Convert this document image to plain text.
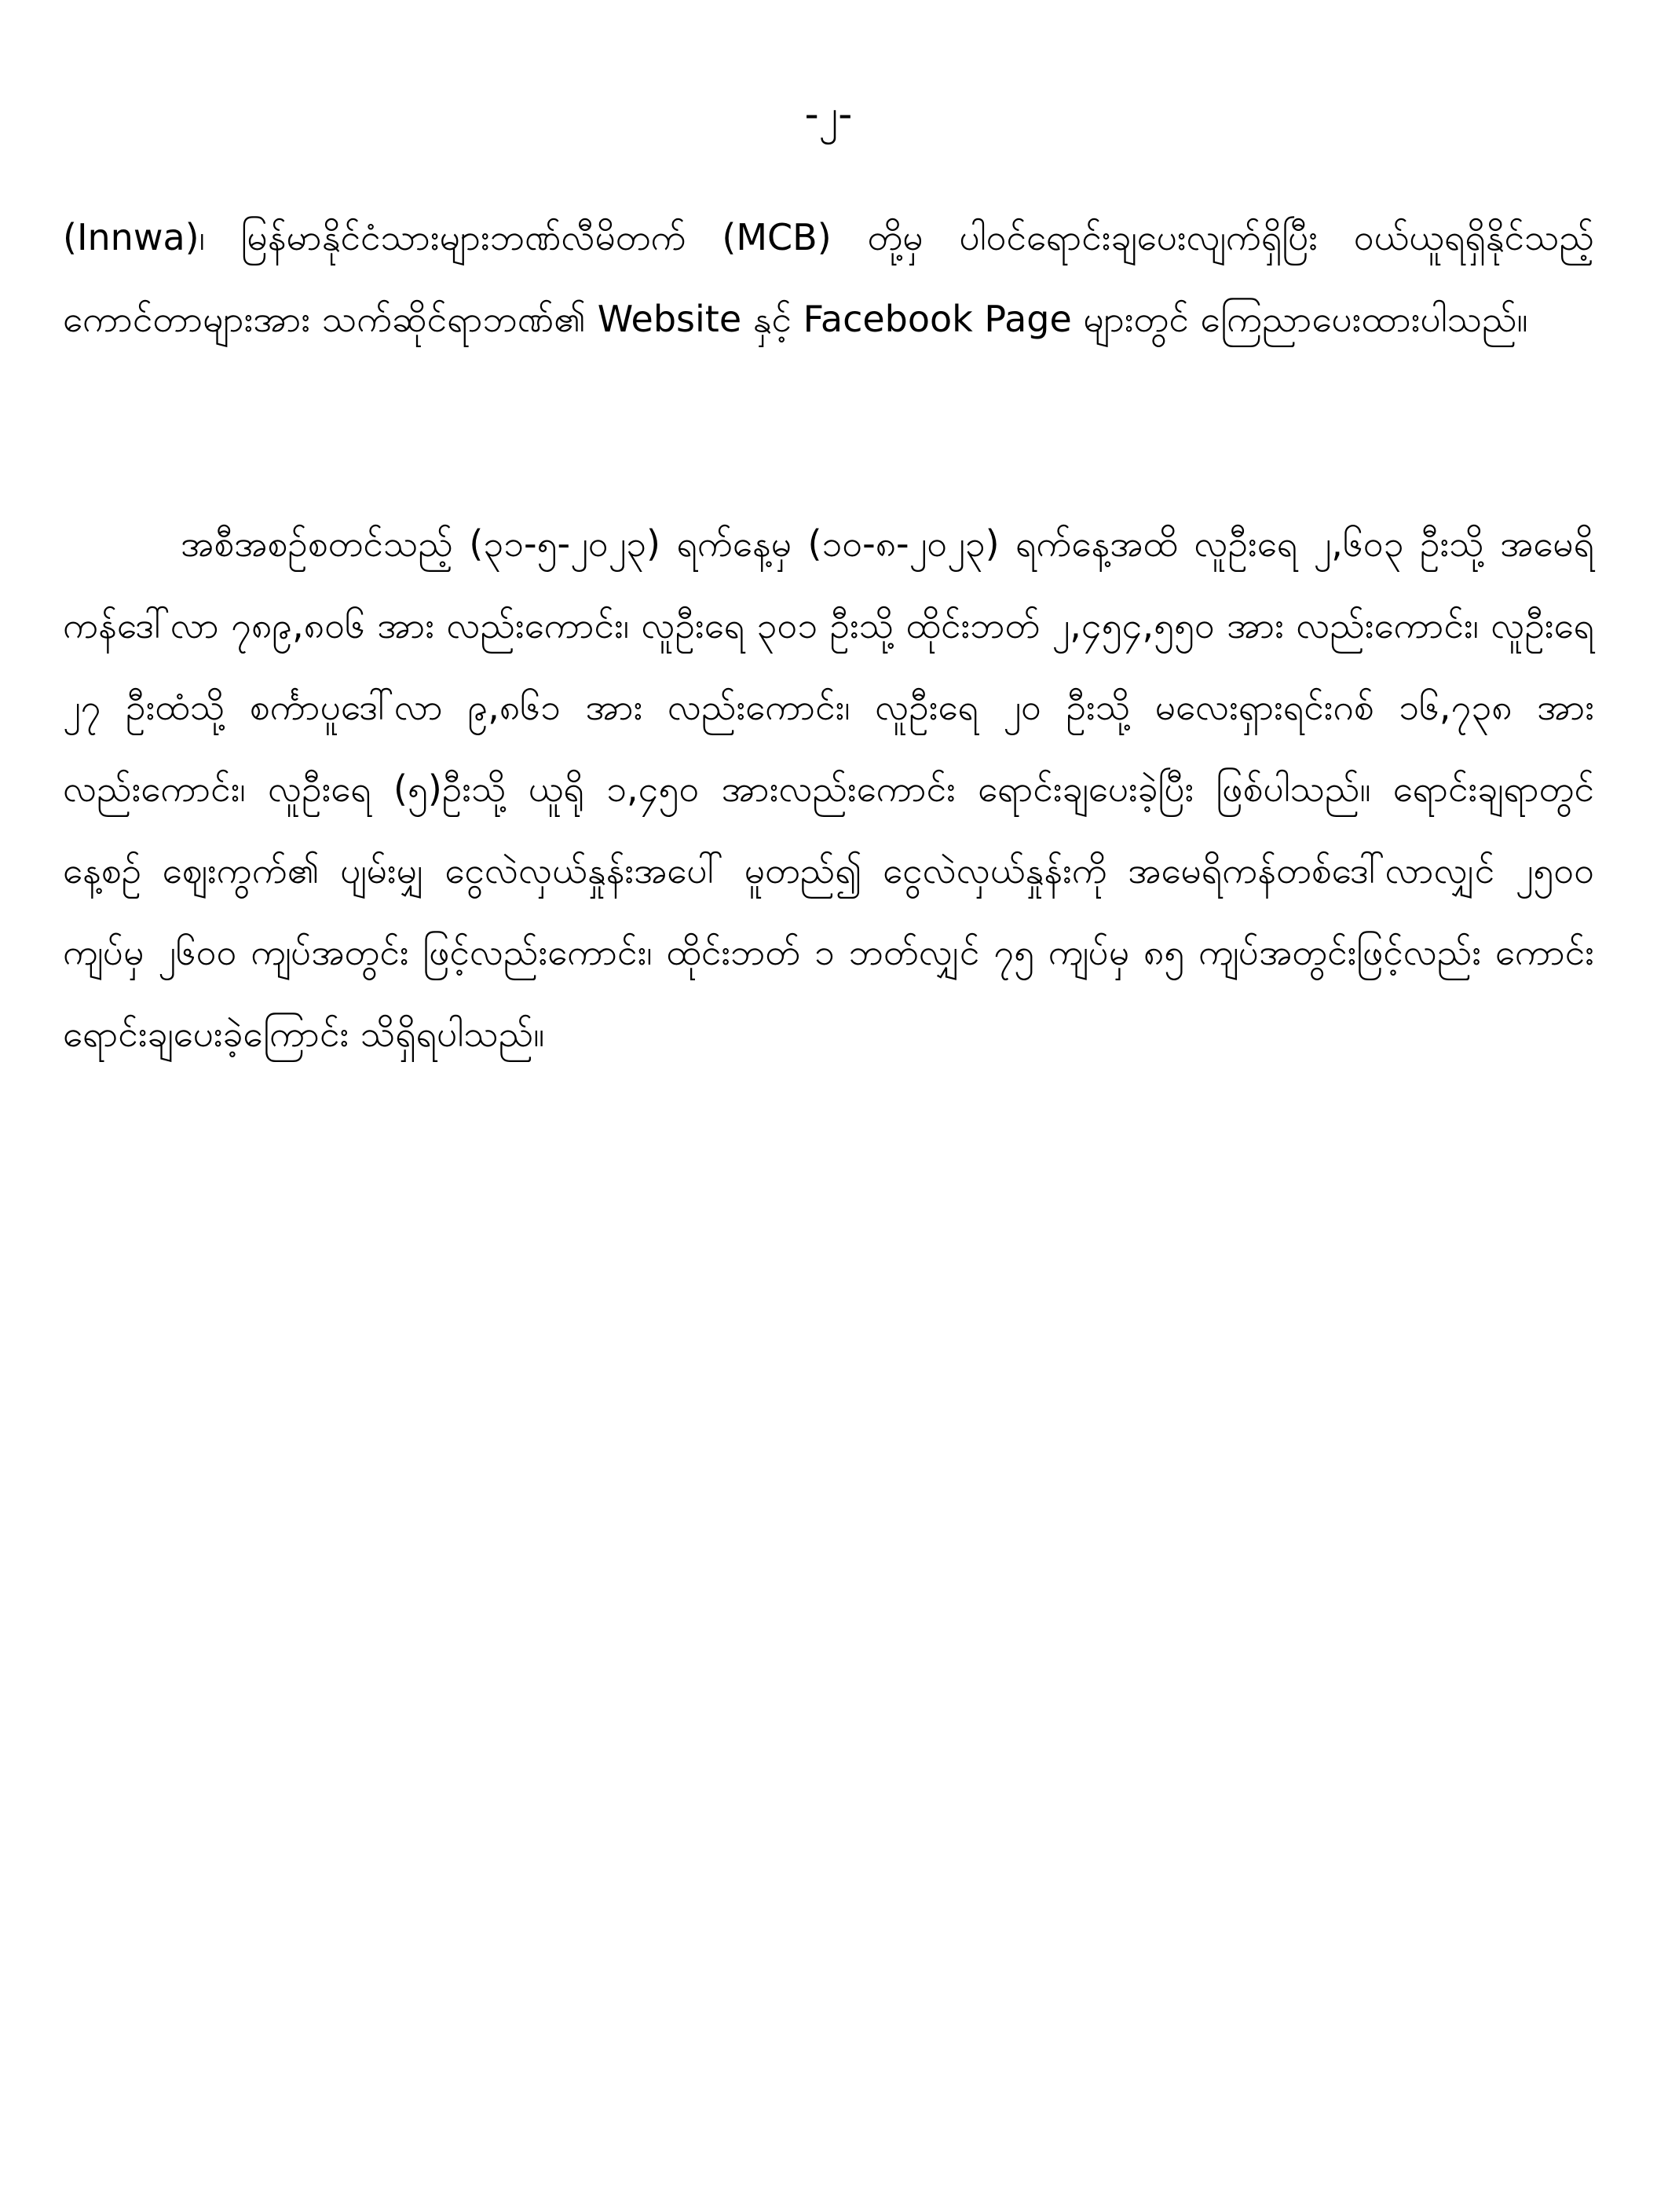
-၂-

(Innwa)၊ မြန်မာနိုင်ငံသားများဘဏ်လီမိတက် (MCB) တို့မှ ပါဝင်ရောင်းချပေးလျက်ရှိပြီး ဝယ်ယူရရှိနိုင်သည့် ကောင်တာများအား သက်ဆိုင်ရာဘဏ်၏ Website နှင့် Facebook Page များတွင် ကြေညာပေးထားပါသည်။

အစီအစဉ်စတင်သည့် (၃၁-၅-၂၀၂၃) ရက်နေ့မှ (၁၀-၈-၂၀၂၃) ရက်နေ့အထိ လူဦးရေ ၂,၆၀၃ ဦးသို့ အမေရိကန်ဒေါ်လာ ၇၈၉,၈၀၆ အား လည်းကောင်း၊ လူဦးရေ ၃၀၁ ဦးသို့ ထိုင်းဘတ် ၂,၄၅၄,၅၅၀ အား လည်းကောင်း၊ လူဦးရေ ၂၇ ဦးထံသို့ စင်္ကာပူဒေါ်လာ ၉,၈၆၁ အား လည်းကောင်း၊ လူဦးရေ ၂၀ ဦးသို့ မလေးရှားရင်းဂစ် ၁၆,၇၃၈ အား လည်းကောင်း၊ လူဦးရေ (၅)ဦးသို့ ယူရို ၁,၄၅၀ အားလည်းကောင်း ရောင်းချပေးခဲ့ပြီး ဖြစ်ပါသည်။ ရောင်းချရာတွင် နေ့စဉ် ဈေးကွက်၏ ပျမ်းမျှ ငွေလဲလှယ်နှုန်းအပေါ် မူတည်၍ ငွေလဲလှယ်နှုန်းကို အမေရိကန်တစ်ဒေါ်လာလျှင် ၂၅၀၀ ကျပ်မှ ၂၆၀၀ ကျပ်အတွင်း ဖြင့်လည်းကောင်း၊ ထိုင်းဘတ် ၁ ဘတ်လျှင် ၇၅ ကျပ်မှ ၈၅ ကျပ်အတွင်းဖြင့်လည်း ကောင်း ရောင်းချပေးခဲ့ကြောင်း သိရှိရပါသည်။
